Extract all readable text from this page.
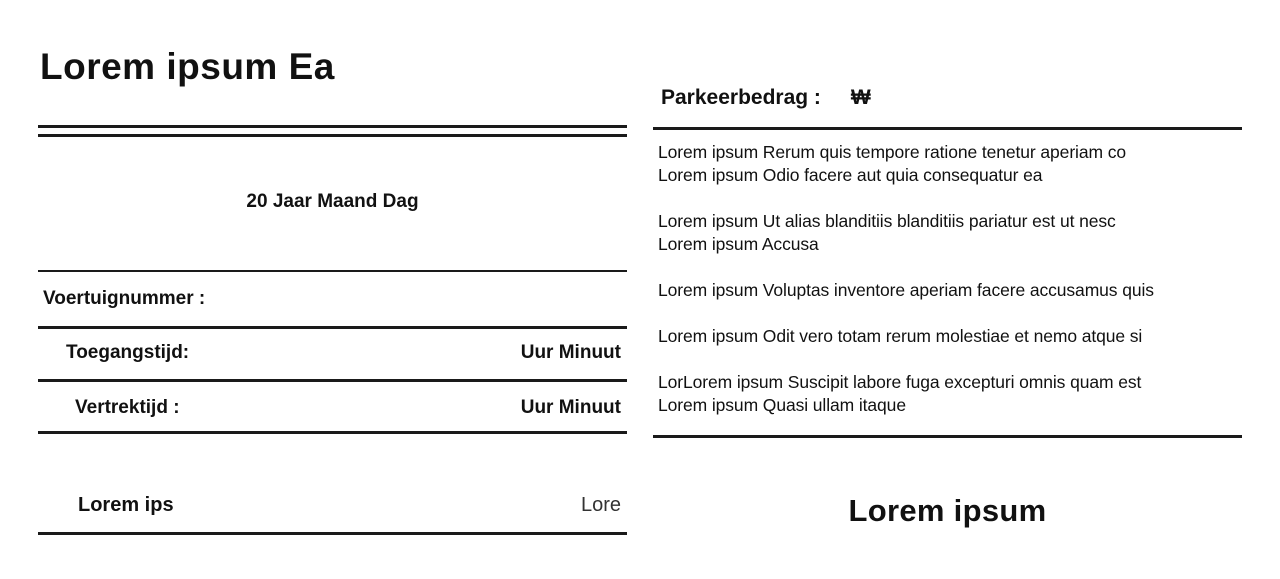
Lorem ipsum Ea
20 Jaar Maand Dag
Voertuignummer :
Toegangstijd:	Uur Minuut
Vertrektijd :	Uur Minuut
Lorem ips	Lore
Parkeerbedrag : ₩
Lorem ipsum Rerum quis tempore ratione tenetur aperiam co
Lorem ipsum Odio facere aut quia consequatur ea
Lorem ipsum Ut alias blanditiis blanditiis pariatur est ut nesc
Lorem ipsum Accusa
Lorem ipsum Voluptas inventore aperiam facere accusamus quis
Lorem ipsum Odit vero totam rerum molestiae et nemo atque si
LorLorem ipsum Suscipit labore fuga excepturi omnis quam est
Lorem ipsum Quasi ullam itaque
Lorem ipsum
